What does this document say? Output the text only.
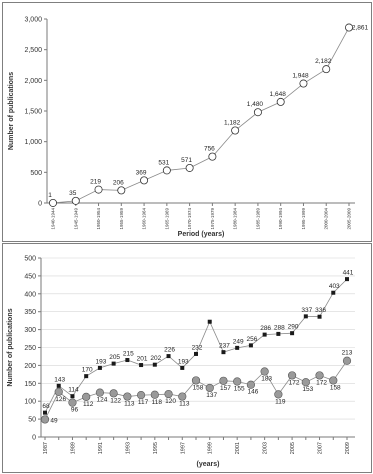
Number of publications
Period (years)
0
500
1,000
1,500
2,000
2,500
3,000
1940-1944	1945-1949	1950-1954	1955-1959	1960-1964	1965-1969	1970-1974	1975-1979	1980-1984	1985-1989	1990-1994	1995-1999	2000-2004	2005-2009
1	35
219 206
369
531 571
756
1,182
1,480
1,648
1,948
2,182
2,861
Number of publications
(years)
0
50
100
150
200
250
300
350
400
450
500
1987	1989	1991	1993	1995	1997	1999	2001	2003	2005	2007	2009
68
143
114
170
193
205
215
201 202
226
193
232	237
249 256
286 288 290
337 336
403
441
49
126
96
112
124 122 113 117 118 120 113
158
137
157 155 146
183
119
172
153
172
158
213
